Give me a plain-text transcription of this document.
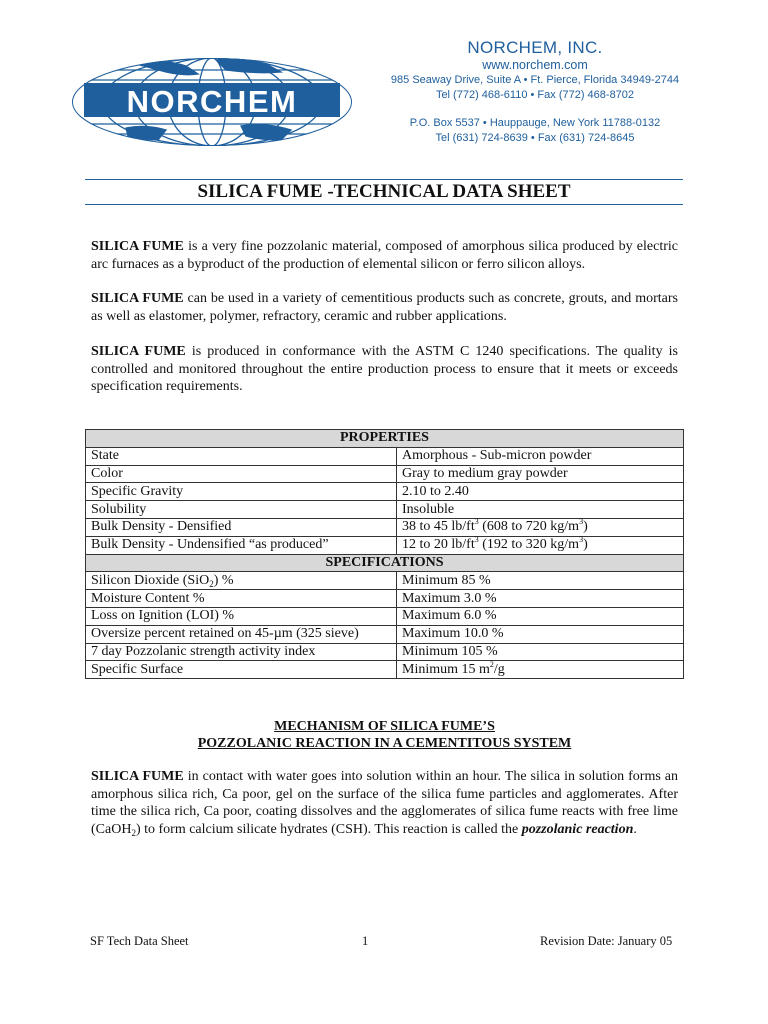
NORCHEM
NORCHEM, INC.
www.norchem.com
985 Seaway Drive, Suite A • Ft. Pierce, Florida 34949-2744
Tel (772) 468-6110 • Fax (772) 468-8702
P.O. Box 5537 • Hauppauge, New York 11788-0132
Tel (631) 724-8639 • Fax (631) 724-8645
SILICA FUME -TECHNICAL DATA SHEET
SILICA FUME is a very fine pozzolanic material, composed of amorphous silica produced by electric arc furnaces as a byproduct of the production of elemental silicon or ferro silicon alloys.
SILICA FUME can be used in a variety of cementitious products such as concrete, grouts, and mortars as well as elastomer, polymer, refractory, ceramic and rubber applications.
SILICA FUME is produced in conformance with the ASTM C 1240 specifications. The quality is controlled and monitored throughout the entire production process to ensure that it meets or exceeds specification requirements.
PROPERTIES	
State	Amorphous - Sub-micron powder
Color	Gray to medium gray powder
Specific Gravity	2.10 to 2.40
Solubility	Insoluble
Bulk Density - Densified	38 to 45 $lb/ft^3$ (608 to 720 $kg/m^3$)
Bulk Density - Undensified “as produced”	12 to 20 $lb/ft^3$ (192 to 320 $kg/m^3$)
SPECIFICATIONS	
Silicon Dioxide (SiO$_2$) %	Minimum 85 %
Moisture Content %	Maximum 3.0 %
Loss on Ignition (LOI) %	Maximum 6.0 %
Oversize percent retained on 45-µm (325 sieve)	Maximum 10.0 %
7 day Pozzolanic strength activity index	Minimum 105 %
Specific Surface	Minimum 15 $m^2/g$
MECHANISM OF SILICA FUME’S
POZZOLANIC REACTION IN A CEMENTITOUS SYSTEM
SILICA FUME in contact with water goes into solution within an hour. The silica in solution forms an amorphous silica rich, Ca poor, gel on the surface of the silica fume particles and agglomerates. After time the silica rich, Ca poor, coating dissolves and the agglomerates of silica fume reacts with free lime (CaOH$_2$) to form calcium silicate hydrates (CSH). This reaction is called the pozzolanic reaction.
SF Tech Data Sheet	1	Revision Date: January 05
